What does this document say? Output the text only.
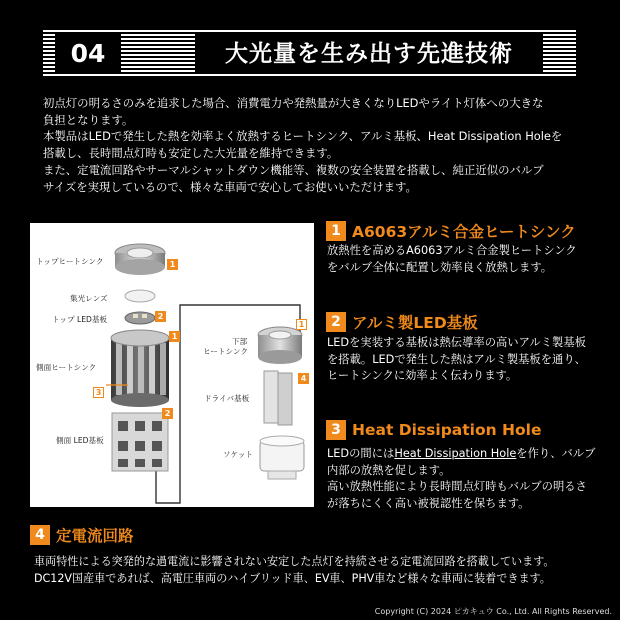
04	大光量を生み出す先進技術

初点灯の明るさのみを追求した場合、消費電力や発熱量が大きくなりLEDやライト灯体への大きな

負担となります。

本製品はLEDで発生した熱を効率よく放熱するヒートシンク、アルミ基板、Heat Dissipation Holeを

搭載し、長時間点灯時も安定した大光量を維持できます。

また、定電流回路やサーマルシャットダウン機能等、複数の安全装置を搭載し、純正近似のバルブ

サイズを実現しているので、様々な車両で安心してお使いいただけます。

トップヒートシンク
集光レンズ
トップ LED基板
側面ヒートシンク
側面 LED基板
下部
ヒートシンク
ドライバ基板
ソケット
1
2
1
3
2
1
4
1 A6063アルミ合金ヒートシンク

放熱性を高めるA6063アルミ合金製ヒートシンク

をバルブ全体に配置し効率良く放熱します。

2 アルミ製LED基板

LEDを実装する基板は熱伝導率の高いアルミ製基板

を搭載。LEDで発生した熱はアルミ製基板を通り、

ヒートシンクに効率よく伝わります。

3 Heat Dissipation Hole

LEDの間にはHeat Dissipation Holeを作り、バルブ

内部の放熱を促します。

高い放熱性能により長時間点灯時もバルブの明るさ

が落ちにくく高い被視認性を保ちます。

4 定電流回路

車両特性による突発的な過電流に影響されない安定した点灯を持続させる定電流回路を搭載しています。

DC12V国産車であれば、高電圧車両のハイブリッド車、EV車、PHV車など様々な車両に装着できます。

Copyright (C) 2024 ピカキュウ Co., Ltd. All Rights Reserved.
